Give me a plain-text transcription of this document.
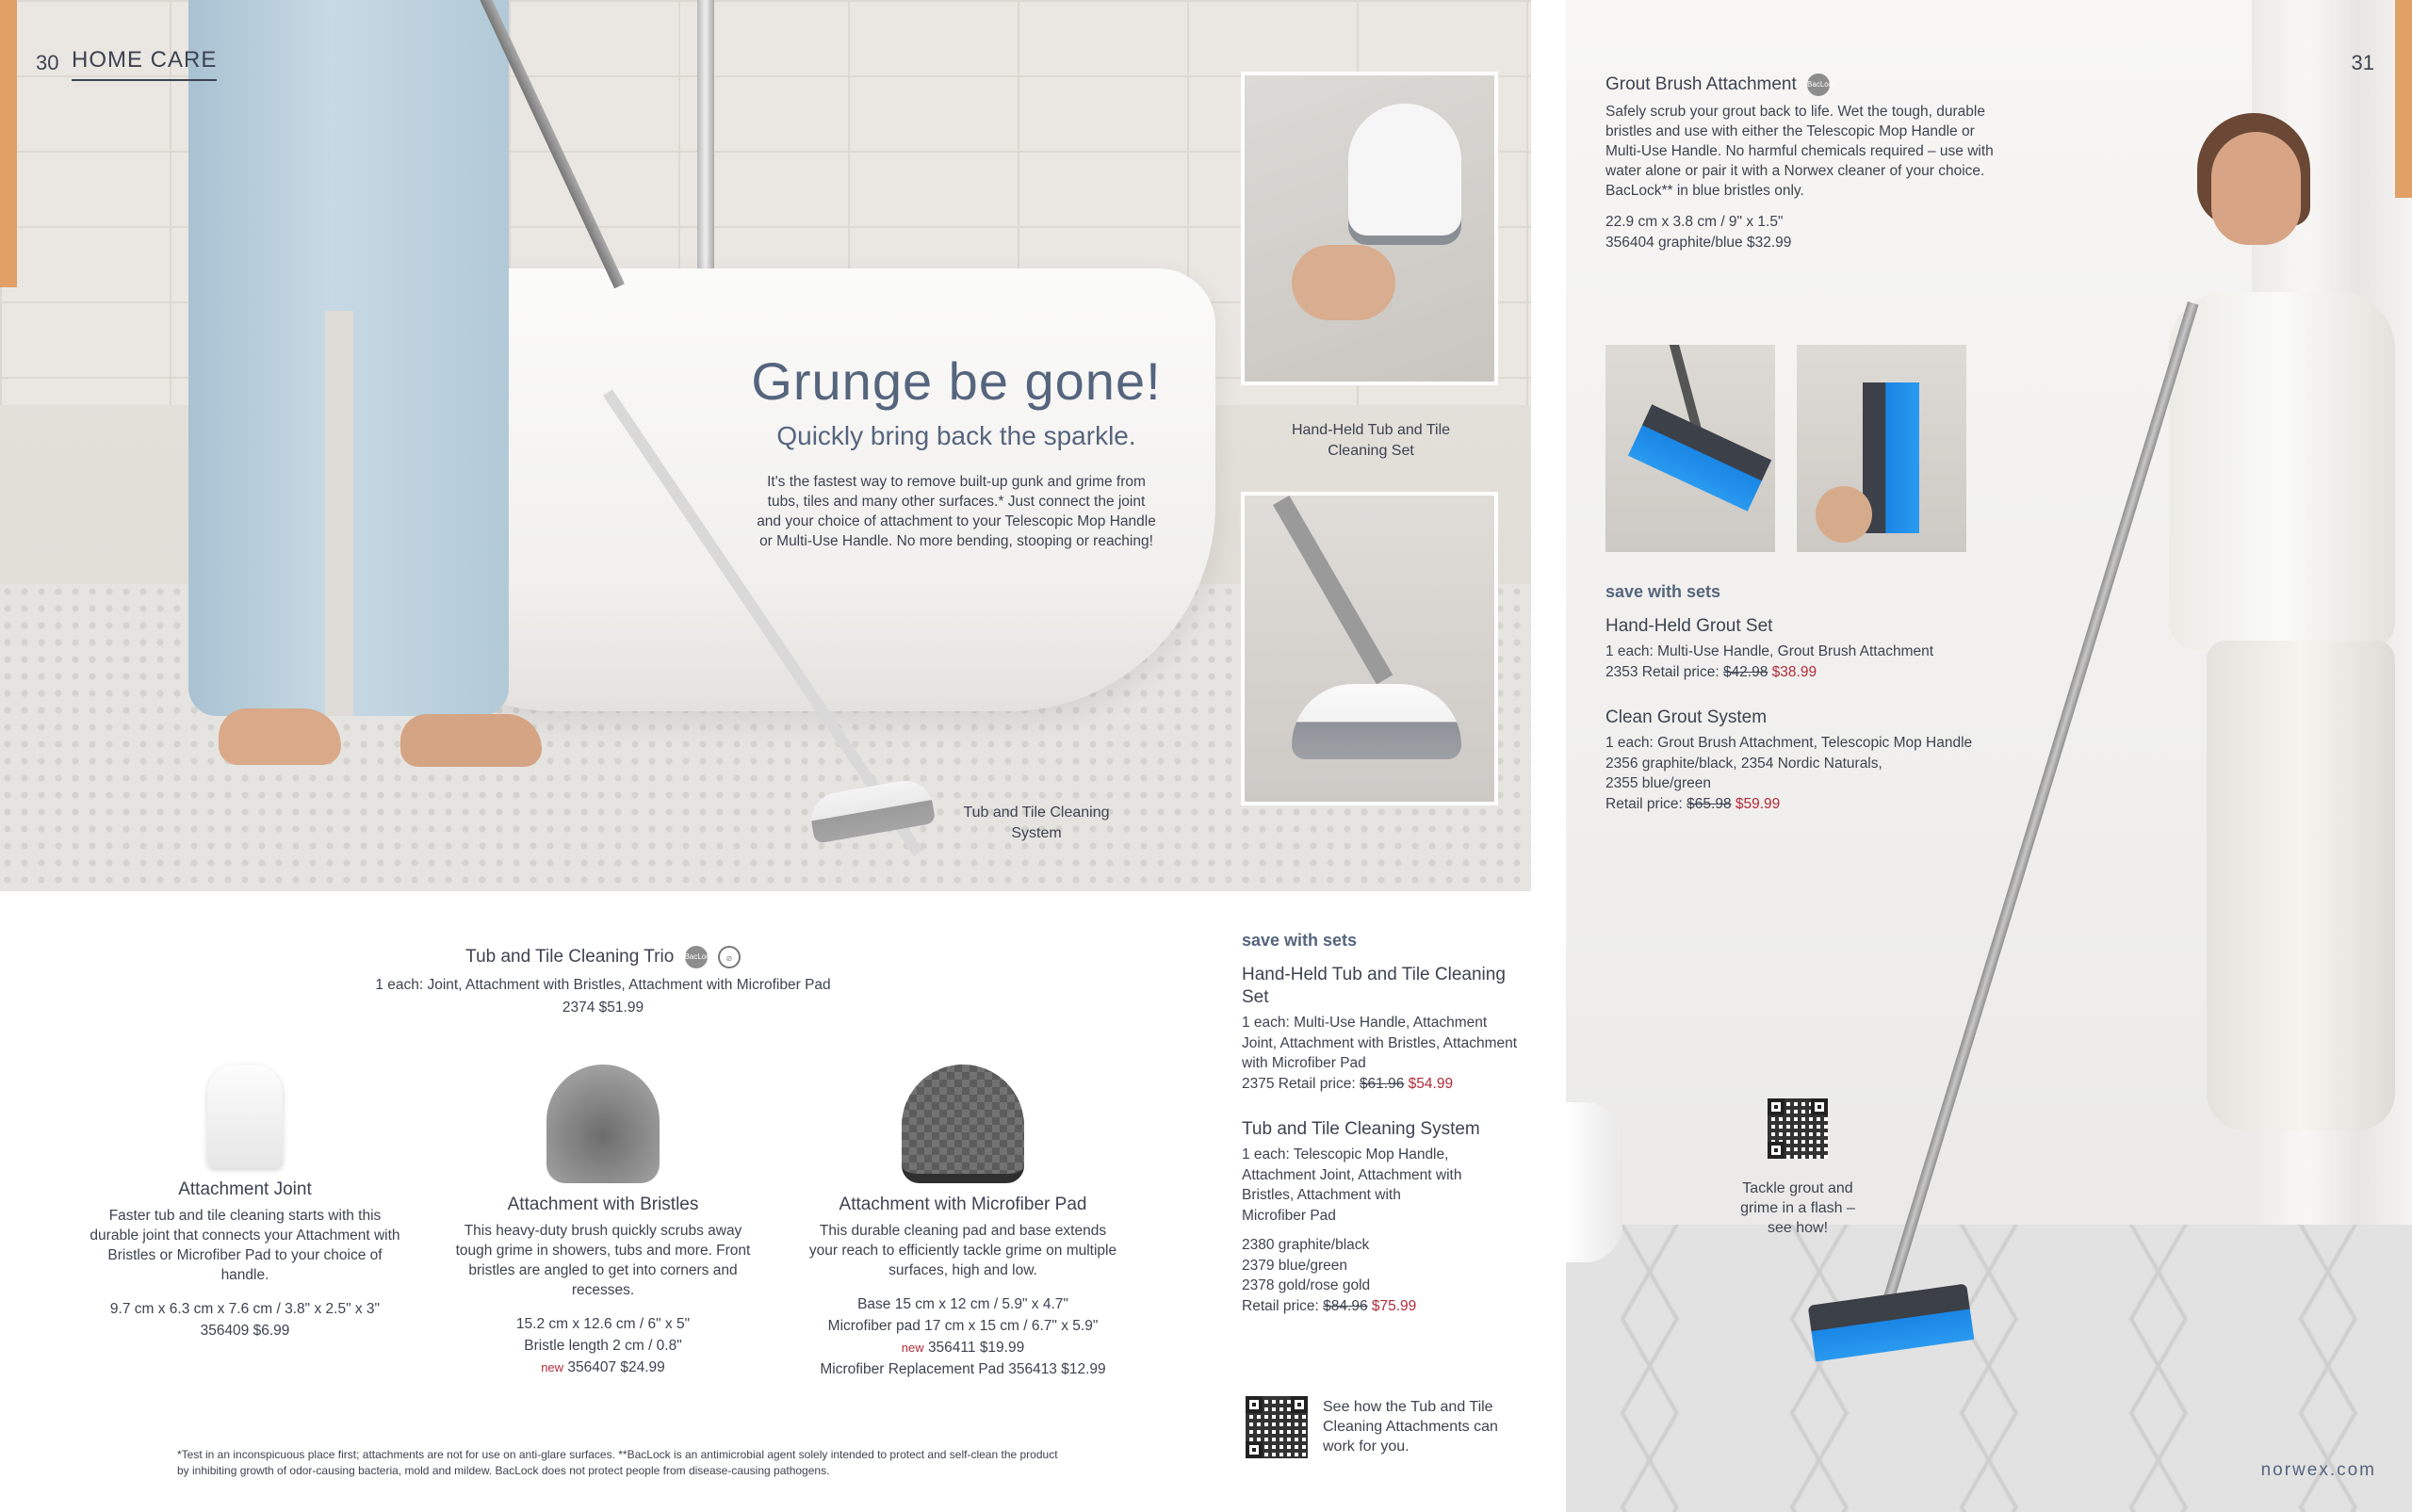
Grunge be gone!
Quickly bring back the sparkle.
It's the fastest way to remove built-up gunk and grime from tubs, tiles and many other surfaces.* Just connect the joint and your choice of attachment to your Telescopic Mop Handle or Multi-Use Handle. No more bending, stooping or reaching!
Tub and Tile Cleaning System
30 HOME CARE
Hand-Held Tub and Tile Cleaning Set
Tub and Tile Cleaning Trio BacLock ⊘
1 each: Joint, Attachment with Bristles, Attachment with Microfiber Pad
2374 $51.99
Attachment Joint
Faster tub and tile cleaning starts with this durable joint that connects your Attachment with Bristles or Microfiber Pad to your choice of handle.
9.7 cm x 6.3 cm x 7.6 cm / 3.8" x 2.5" x 3"
356409 $6.99
Attachment with Bristles
This heavy-duty brush quickly scrubs away tough grime in showers, tubs and more. Front bristles are angled to get into corners and recesses.
15.2 cm x 12.6 cm / 6" x 5"
Bristle length 2 cm / 0.8"
new 356407 $24.99
Attachment with Microfiber Pad
This durable cleaning pad and base extends your reach to efficiently tackle grime on multiple surfaces, high and low.
Base 15 cm x 12 cm / 5.9" x 4.7"
Microfiber pad 17 cm x 15 cm / 6.7" x 5.9"
new 356411 $19.99
Microfiber Replacement Pad 356413 $12.99
*Test in an inconspicuous place first; attachments are not for use on anti-glare surfaces. **BacLock is an antimicrobial agent solely intended to protect and self-clean the product by inhibiting growth of odor-causing bacteria, mold and mildew. BacLock does not protect people from disease-causing pathogens.
save with sets
Hand-Held Tub and Tile Cleaning Set
1 each: Multi-Use Handle, Attachment Joint, Attachment with Bristles, Attachment with Microfiber Pad
2375 Retail price: $61.96 $54.99
Tub and Tile Cleaning System
1 each: Telescopic Mop Handle, Attachment Joint, Attachment with Bristles, Attachment with Microfiber Pad
2380 graphite/black
2379 blue/green
2378 gold/rose gold
Retail price: $84.96 $75.99
See how the Tub and Tile Cleaning Attachments can work for you.
31
Grout Brush Attachment BacLock
Safely scrub your grout back to life. Wet the tough, durable bristles and use with either the Telescopic Mop Handle or Multi-Use Handle. No harmful chemicals required – use with water alone or pair it with a Norwex cleaner of your choice. BacLock** in blue bristles only.
22.9 cm x 3.8 cm / 9" x 1.5"
356404 graphite/blue $32.99
save with sets
Hand-Held Grout Set
1 each: Multi-Use Handle, Grout Brush Attachment
2353 Retail price: $42.98 $38.99
Clean Grout System
1 each: Grout Brush Attachment, Telescopic Mop Handle
2356 graphite/black, 2354 Nordic Naturals,
2355 blue/green
Retail price: $65.98 $59.99
Tackle grout and grime in a flash – see how!
norwex.com
